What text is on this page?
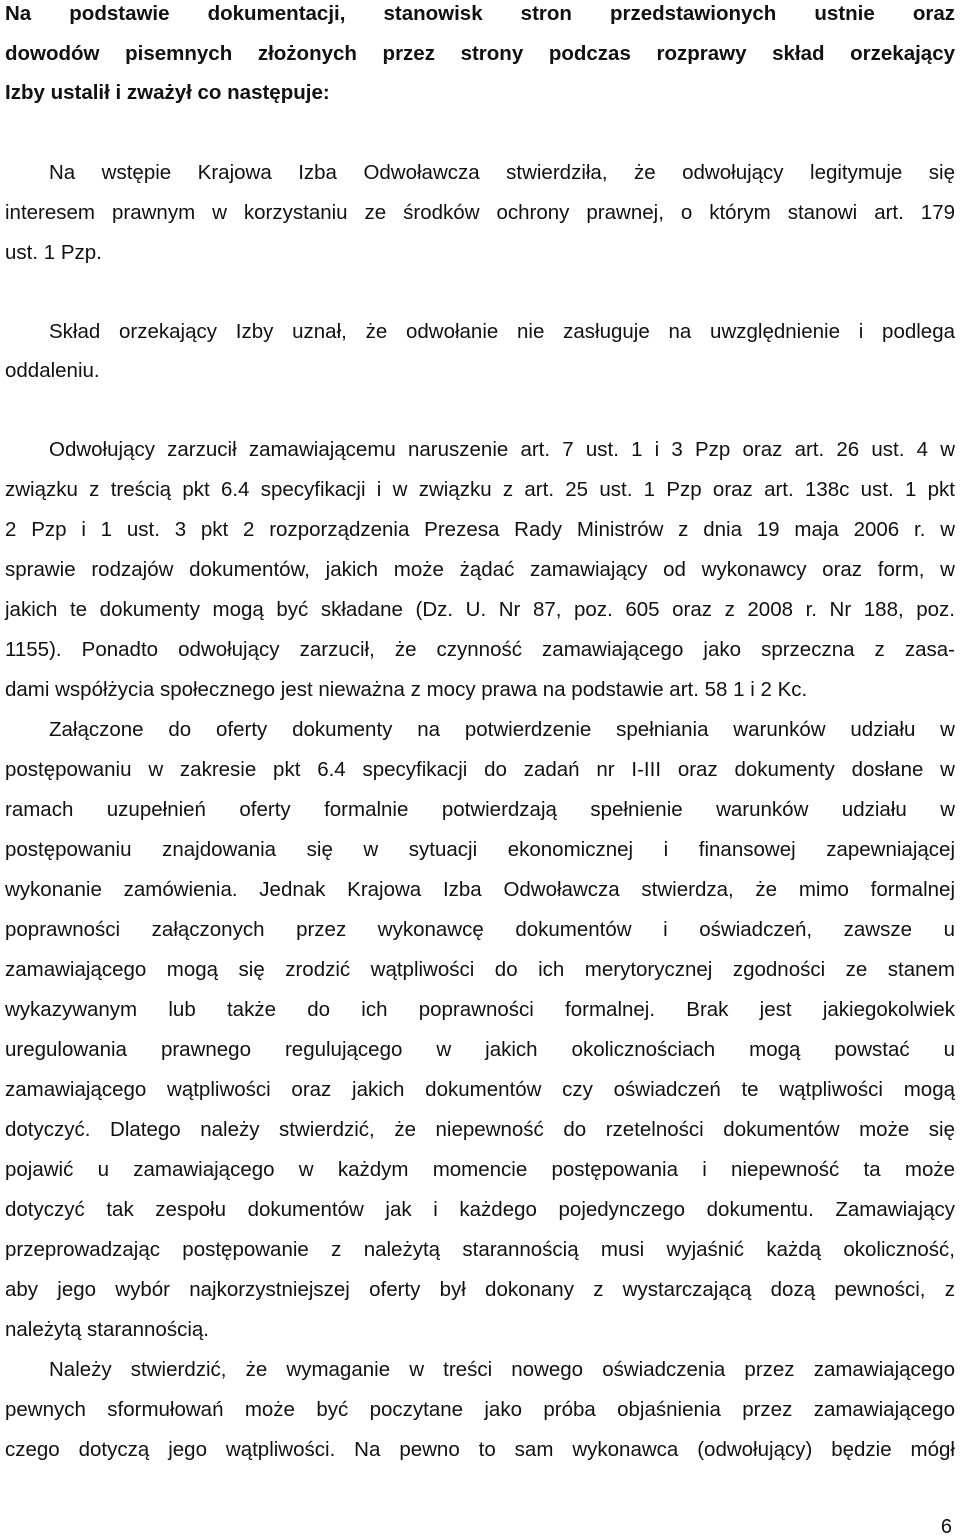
Na podstawie dokumentacji, stanowisk stron przedstawionych ustnie oraz
dowodów pisemnych złożonych przez strony podczas rozprawy skład orzekający
Izby ustalił i zważył co następuje:
Na wstępie Krajowa Izba Odwoławcza stwierdziła, że odwołujący legitymuje się
interesem prawnym w korzystaniu ze środków ochrony prawnej, o którym stanowi art. 179
ust. 1 Pzp.
Skład orzekający Izby uznał, że odwołanie nie zasługuje na uwzględnienie i podlega
oddaleniu.
Odwołujący zarzucił zamawiającemu naruszenie art. 7 ust. 1 i 3 Pzp oraz art. 26 ust. 4 w
związku z treścią pkt 6.4 specyfikacji i w związku z art. 25 ust. 1 Pzp oraz art. 138c ust. 1 pkt
2 Pzp i 1 ust. 3 pkt 2 rozporządzenia Prezesa Rady Ministrów z dnia 19 maja 2006 r. w
sprawie rodzajów dokumentów, jakich może żądać zamawiający od wykonawcy oraz form, w
jakich te dokumenty mogą być składane (Dz. U. Nr 87, poz. 605 oraz z 2008 r. Nr 188, poz.
1155). Ponadto odwołujący zarzucił, że czynność zamawiającego jako sprzeczna z zasa-
dami współżycia społecznego jest nieważna z mocy prawa na podstawie art. 58 1 i 2 Kc.
Załączone do oferty dokumenty na potwierdzenie spełniania warunków udziału w
postępowaniu w zakresie pkt 6.4 specyfikacji do zadań nr I-III oraz dokumenty dosłane w
ramach uzupełnień oferty formalnie potwierdzają spełnienie warunków udziału w
postępowaniu znajdowania się w sytuacji ekonomicznej i finansowej zapewniającej
wykonanie zamówienia. Jednak Krajowa Izba Odwoławcza stwierdza, że mimo formalnej
poprawności załączonych przez wykonawcę dokumentów i oświadczeń, zawsze u
zamawiającego mogą się zrodzić wątpliwości do ich merytorycznej zgodności ze stanem
wykazywanym lub także do ich poprawności formalnej. Brak jest jakiegokolwiek
uregulowania prawnego regulującego w jakich okolicznościach mogą powstać u
zamawiającego wątpliwości oraz jakich dokumentów czy oświadczeń te wątpliwości mogą
dotyczyć. Dlatego należy stwierdzić, że niepewność do rzetelności dokumentów może się
pojawić u zamawiającego w każdym momencie postępowania i niepewność ta może
dotyczyć tak zespołu dokumentów jak i każdego pojedynczego dokumentu. Zamawiający
przeprowadzając postępowanie z należytą starannością musi wyjaśnić każdą okoliczność,
aby jego wybór najkorzystniejszej oferty był dokonany z wystarczającą dozą pewności, z
należytą starannością.
Należy stwierdzić, że wymaganie w treści nowego oświadczenia przez zamawiającego
pewnych sformułowań może być poczytane jako próba objaśnienia przez zamawiającego
czego dotyczą jego wątpliwości. Na pewno to sam wykonawca (odwołujący) będzie mógł
6
